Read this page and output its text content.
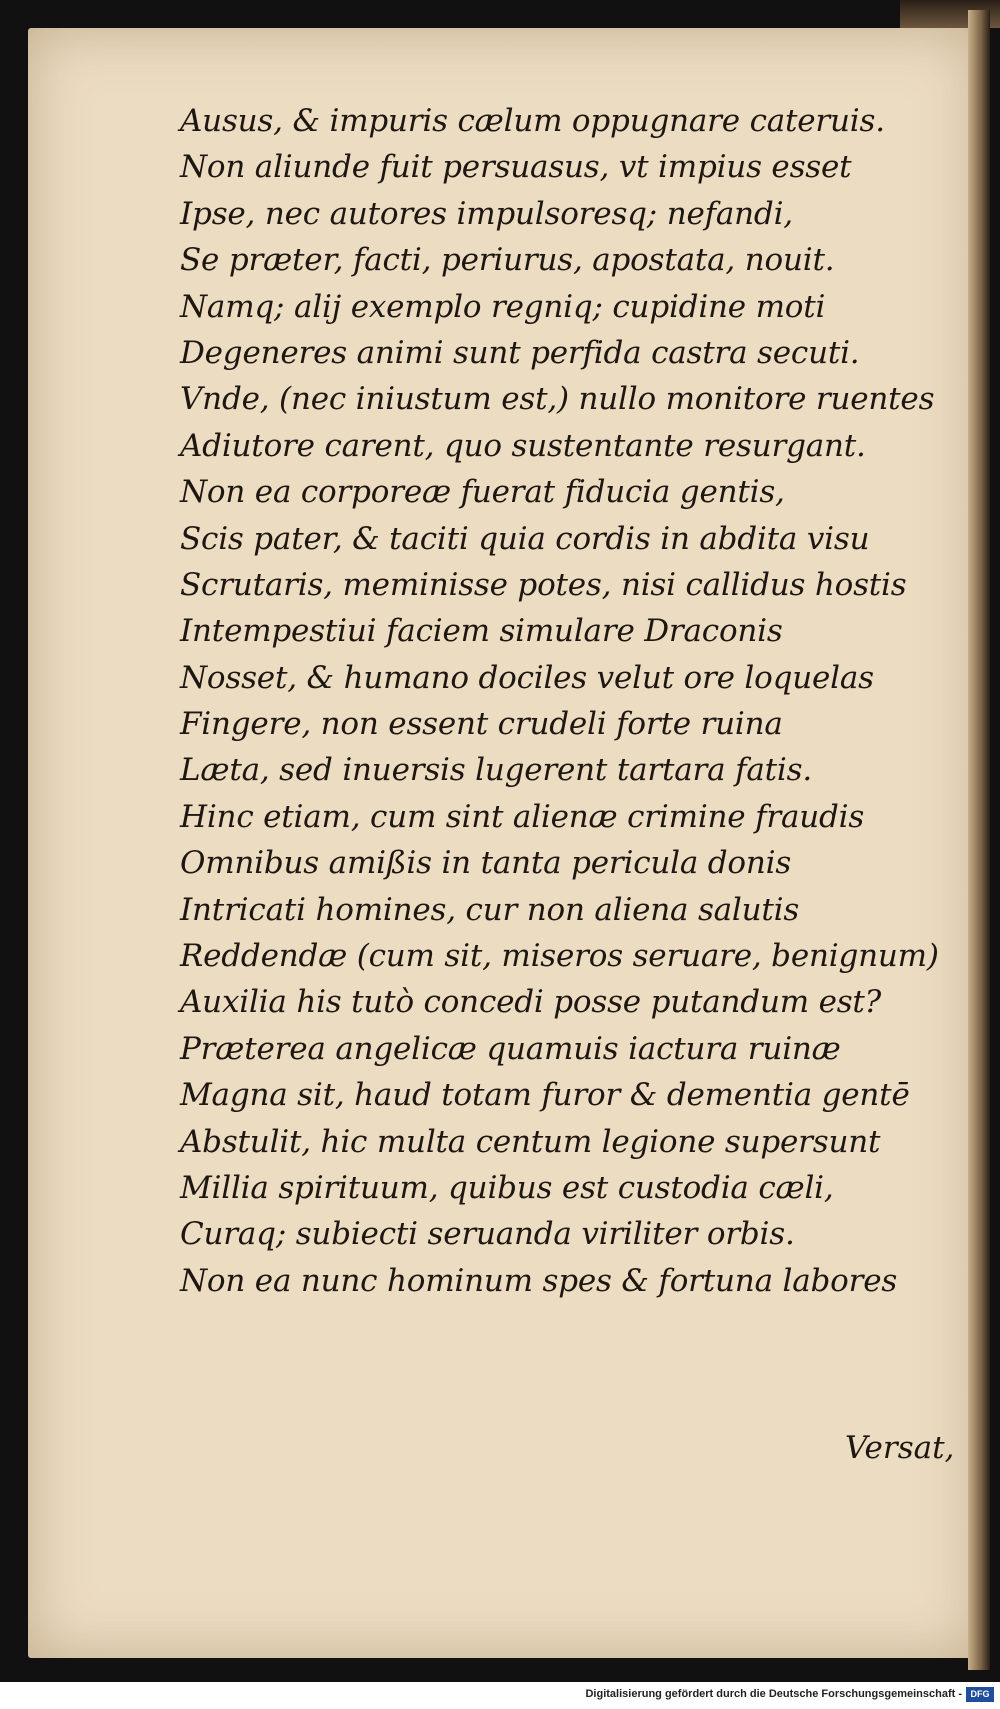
Ausus, & impuris cælum oppugnare cateruis.
Non aliunde fuit persuasus, vt impius esset
Ipse, nec autores impulsoresq; nefandi,
Se præter, facti, periurus, apostata, nouit.
Namq; alij exemplo regniq; cupidine moti
Degeneres animi sunt perfida castra secuti.
Vnde, (nec iniustum est,) nullo monitore ruentes
Adiutore carent, quo sustentante resurgant.
Non ea corporeæ fuerat fiducia gentis,
Scis pater, & taciti quia cordis in abdita visu
Scrutaris, meminisse potes, nisi callidus hostis
Intempestiui faciem simulare Draconis
Nosset, & humano dociles velut ore loquelas
Fingere, non essent crudeli forte ruina
Læta, sed inuersis lugerent tartara fatis.
Hinc etiam, cum sint alienæ crimine fraudis
Omnibus amißis in tanta pericula donis
Intricati homines, cur non aliena salutis
Reddendæ (cum sit, miseros seruare, benignum)
Auxilia his tutò concedi posse putandum est?
Præterea angelicæ quamuis iactura ruinæ
Magna sit, haud totam furor & dementia gentē
Abstulit, hic multa centum legione supersunt
Millia spirituum, quibus est custodia cæli,
Curaq; subiecti seruanda viriliter orbis.
Non ea nunc hominum spes & fortuna labores
Versat,
Digitalisierung gefördert durch die Deutsche Forschungsgemeinschaft - DFG
